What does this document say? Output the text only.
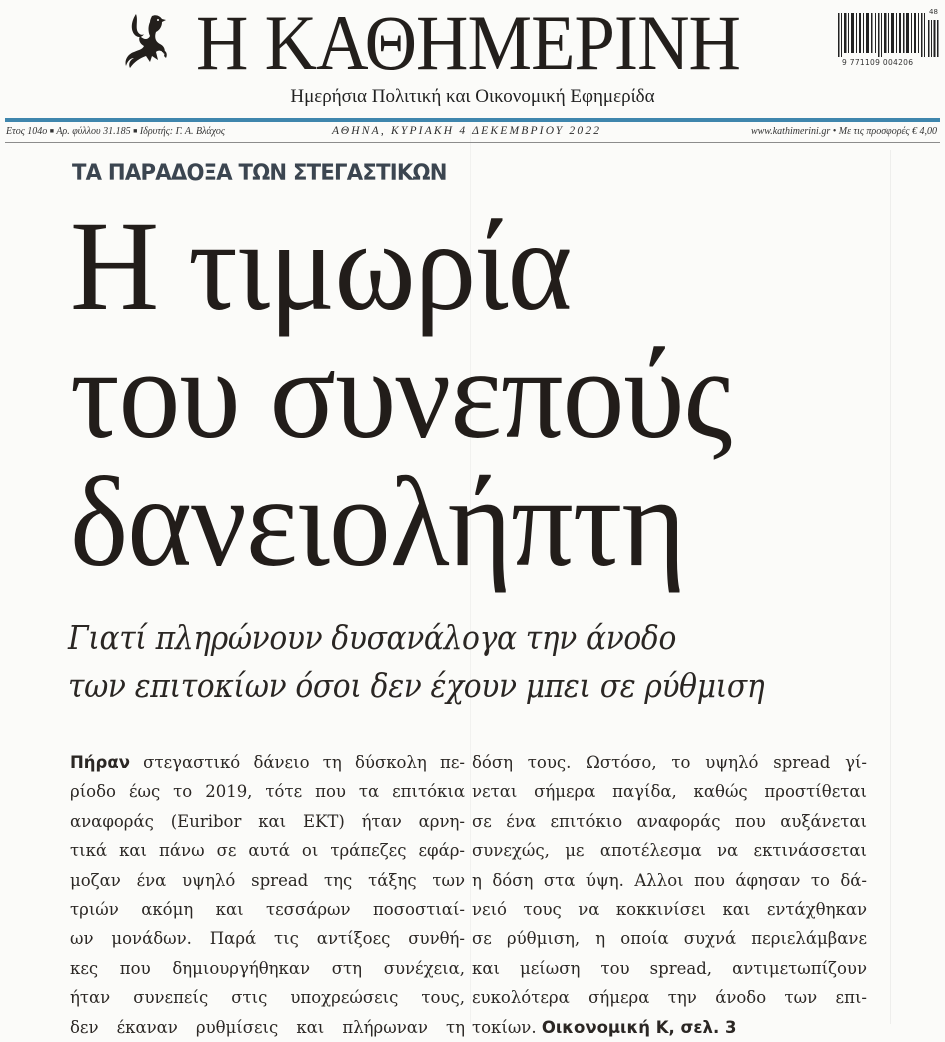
Η ΚΑΘΗΜΕΡΙΝΗ
Ημερήσια Πολιτική και Οικονομική Εφημερίδα
48
9 771109 004206
Ετος 104ο ■ Αρ. φύλλου 31.185 ■ Ιδρυτής: Γ. Α. Βλάχος	ΑΘΗΝΑ, ΚΥΡΙΑΚΗ 4 ΔΕΚΕΜΒΡΙΟΥ 2022	www.kathimerini.gr • Με τις προσφορές € 4,00
ΤΑ ΠΑΡΑΔΟΞΑ ΤΩΝ ΣΤΕΓΑΣΤΙΚΩΝ
Η τιμωρία
του συνεπούς
δανειολήπτη
Γιατί πληρώνουν δυσανάλογα την άνοδο
των επιτοκίων όσοι δεν έχουν μπει σε ρύθμιση
Πήραν στεγαστικό δάνειο τη δύσκολη πε-
ρίοδο έως το 2019, τότε που τα επιτόκια
αναφοράς (Euribor και ΕΚΤ) ήταν αρνη-
τικά και πάνω σε αυτά οι τράπεζες εφάρ-
μοζαν ένα υψηλό spread της τάξης των
τριών ακόμη και τεσσάρων ποσοστιαί-
ων μονάδων. Παρά τις αντίξοες συνθή-
κες που δημιουργήθηκαν στη συνέχεια,
ήταν συνεπείς στις υποχρεώσεις τους,
δεν έκαναν ρυθμίσεις και πλήρωναν τη
δόση τους. Ωστόσο, το υψηλό spread γί-
νεται σήμερα παγίδα, καθώς προστίθεται
σε ένα επιτόκιο αναφοράς που αυξάνεται
συνεχώς, με αποτέλεσμα να εκτινάσσεται
η δόση στα ύψη. Αλλοι που άφησαν το δά-
νειό τους να κοκκινίσει και εντάχθηκαν
σε ρύθμιση, η οποία συχνά περιελάμβανε
και μείωση του spread, αντιμετωπίζουν
ευκολότερα σήμερα την άνοδο των επι-
τοκίων. Οικονομική Κ, σελ. 3
